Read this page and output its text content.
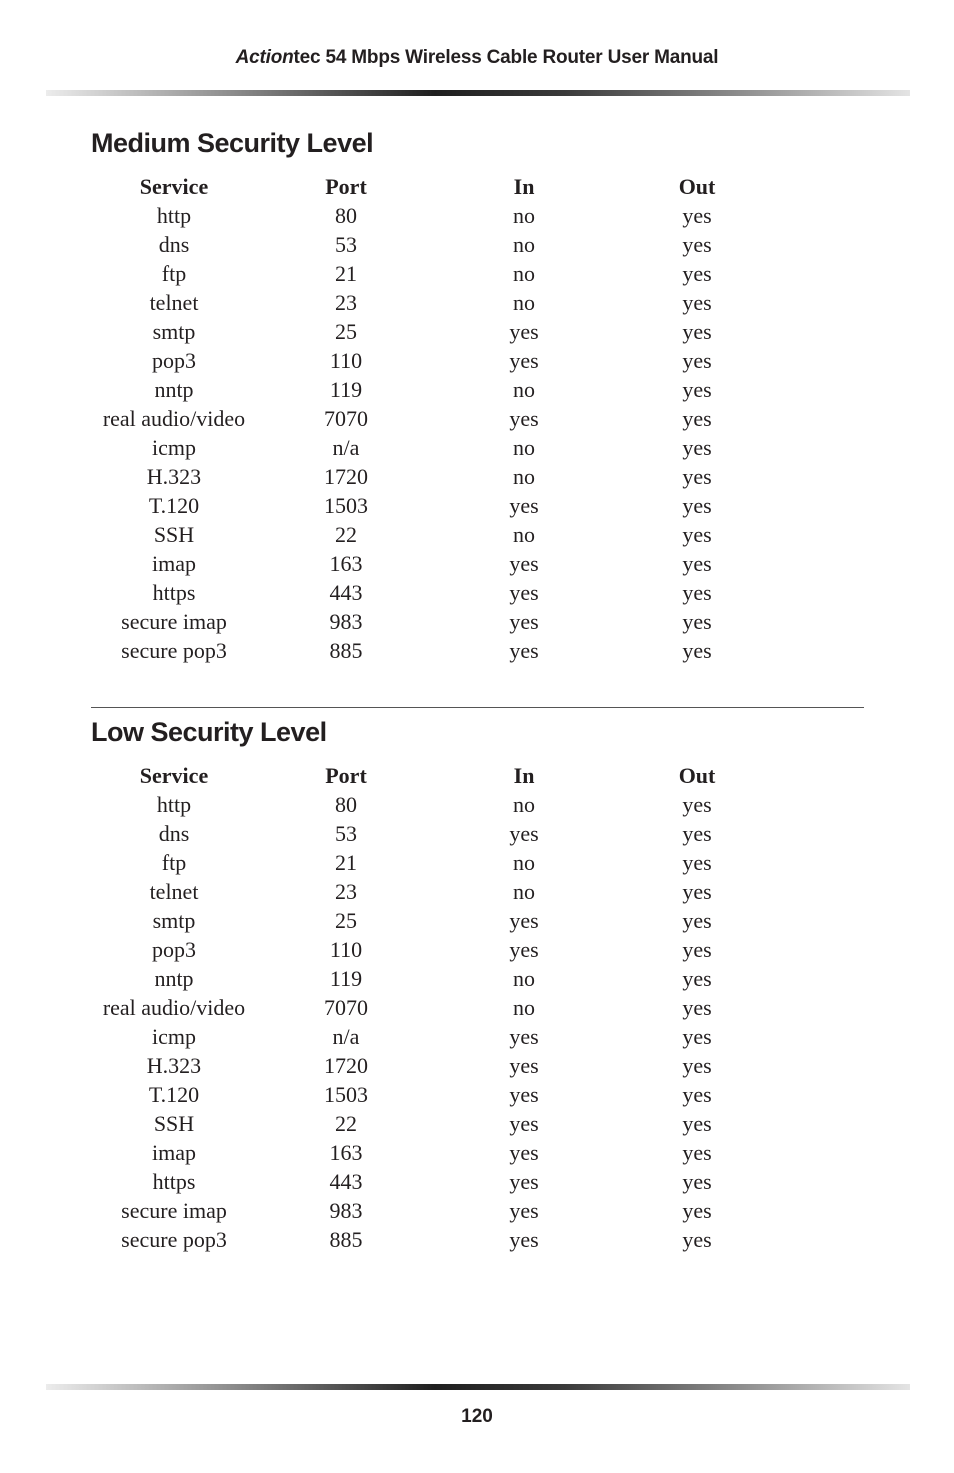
Actiontec 54 Mbps Wireless Cable Router User Manual
Medium Security Level
Service	Port	In	Out
http	80	no	yes
dns	53	no	yes
ftp	21	no	yes
telnet	23	no	yes
smtp	25	yes	yes
pop3	110	yes	yes
nntp	119	no	yes
real audio/video	7070	yes	yes
icmp	n/a	no	yes
H.323	1720	no	yes
T.120	1503	yes	yes
SSH	22	no	yes
imap	163	yes	yes
https	443	yes	yes
secure imap	983	yes	yes
secure pop3	885	yes	yes
Low Security Level
Service	Port	In	Out
http	80	no	yes
dns	53	yes	yes
ftp	21	no	yes
telnet	23	no	yes
smtp	25	yes	yes
pop3	110	yes	yes
nntp	119	no	yes
real audio/video	7070	no	yes
icmp	n/a	yes	yes
H.323	1720	yes	yes
T.120	1503	yes	yes
SSH	22	yes	yes
imap	163	yes	yes
https	443	yes	yes
secure imap	983	yes	yes
secure pop3	885	yes	yes
120
